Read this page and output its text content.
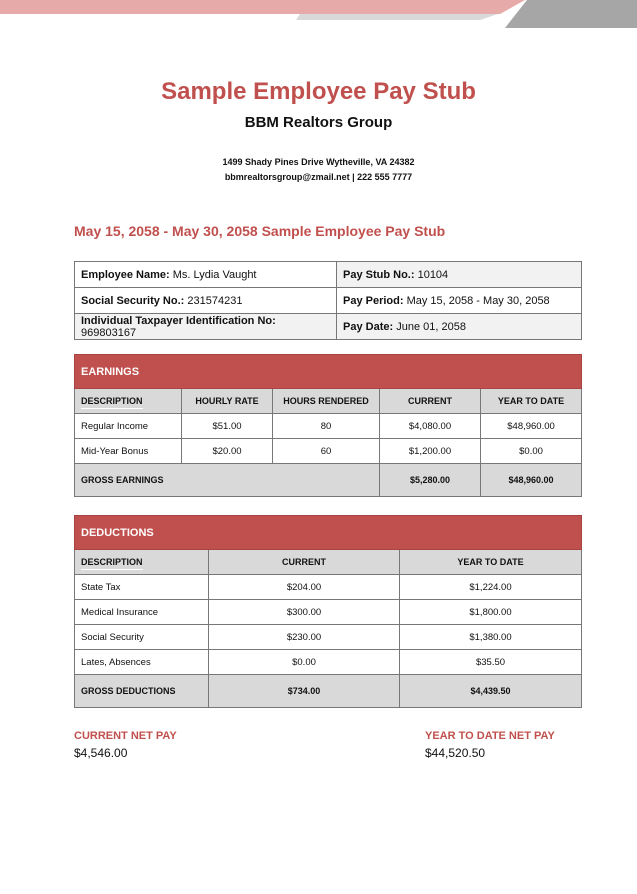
Sample Employee Pay Stub
BBM Realtors Group
1499 Shady Pines Drive Wytheville, VA 24382
bbmrealtorsgroup@zmail.net | 222 555 7777
May 15, 2058 - May 30, 2058 Sample Employee Pay Stub
Employee Name: Ms. Lydia Vaught	Pay Stub No.: 10104
Social Security No.: 231574231	Pay Period: May 15, 2058 - May 30, 2058
Individual Taxpayer Identification No: 969803167	Pay Date: June 01, 2058
EARNINGS				
DESCRIPTION	HOURLY RATE	HOURS RENDERED	CURRENT	YEAR TO DATE
Regular Income	$51.00	80	$4,080.00	$48,960.00
Mid-Year Bonus	$20.00	60	$1,200.00	$0.00
GROSS EARNINGS			$5,280.00	$48,960.00
DEDUCTIONS		
DESCRIPTION	CURRENT	YEAR TO DATE
State Tax	$204.00	$1,224.00
Medical Insurance	$300.00	$1,800.00
Social Security	$230.00	$1,380.00
Lates, Absences	$0.00	$35.50
GROSS DEDUCTIONS	$734.00	$4,439.50
CURRENT NET PAY
$4,546.00
YEAR TO DATE NET PAY
$44,520.50
